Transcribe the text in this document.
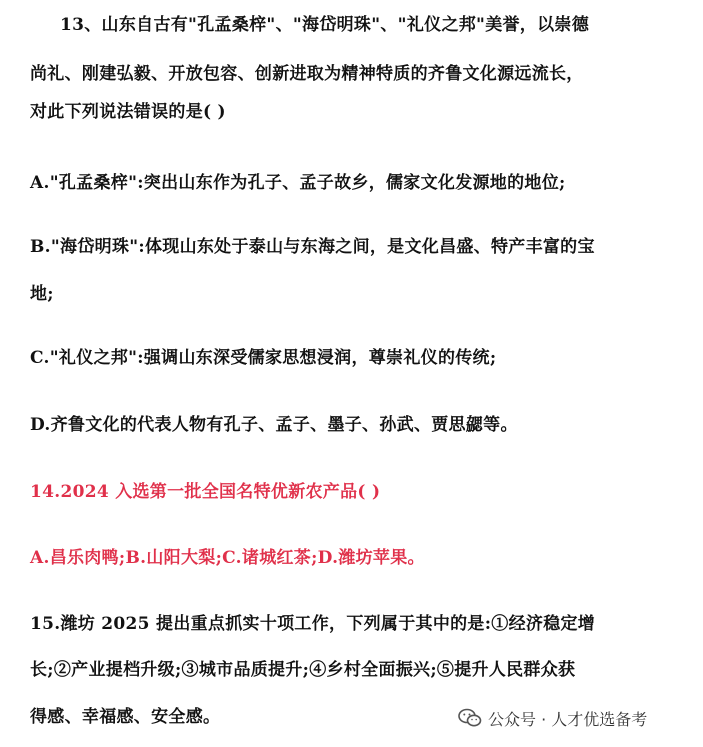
13、山东自古有"孔孟桑梓"、"海岱明珠"、"礼仪之邦"美誉，以崇德
尚礼、刚建弘毅、开放包容、创新进取为精神特质的齐鲁文化源远流长，
对此下列说法错误的是( )
A."孔孟桑梓":突出山东作为孔子、孟子故乡，儒家文化发源地的地位;
B."海岱明珠":体现山东处于泰山与东海之间，是文化昌盛、特产丰富的宝
地;
C."礼仪之邦":强调山东深受儒家思想浸润，尊崇礼仪的传统;
D.齐鲁文化的代表人物有孔子、孟子、墨子、孙武、贾思勰等。
14.2024 入选第一批全国名特优新农产品( )
A.昌乐肉鸭;B.山阳大梨;C.诸城红茶;D.潍坊苹果。
15.潍坊 2025 提出重点抓实十项工作，下列属于其中的是:①经济稳定增
长;②产业提档升级;③城市品质提升;④乡村全面振兴;⑤提升人民群众获
得感、幸福感、安全感。	公众号 · 人才优选备考
